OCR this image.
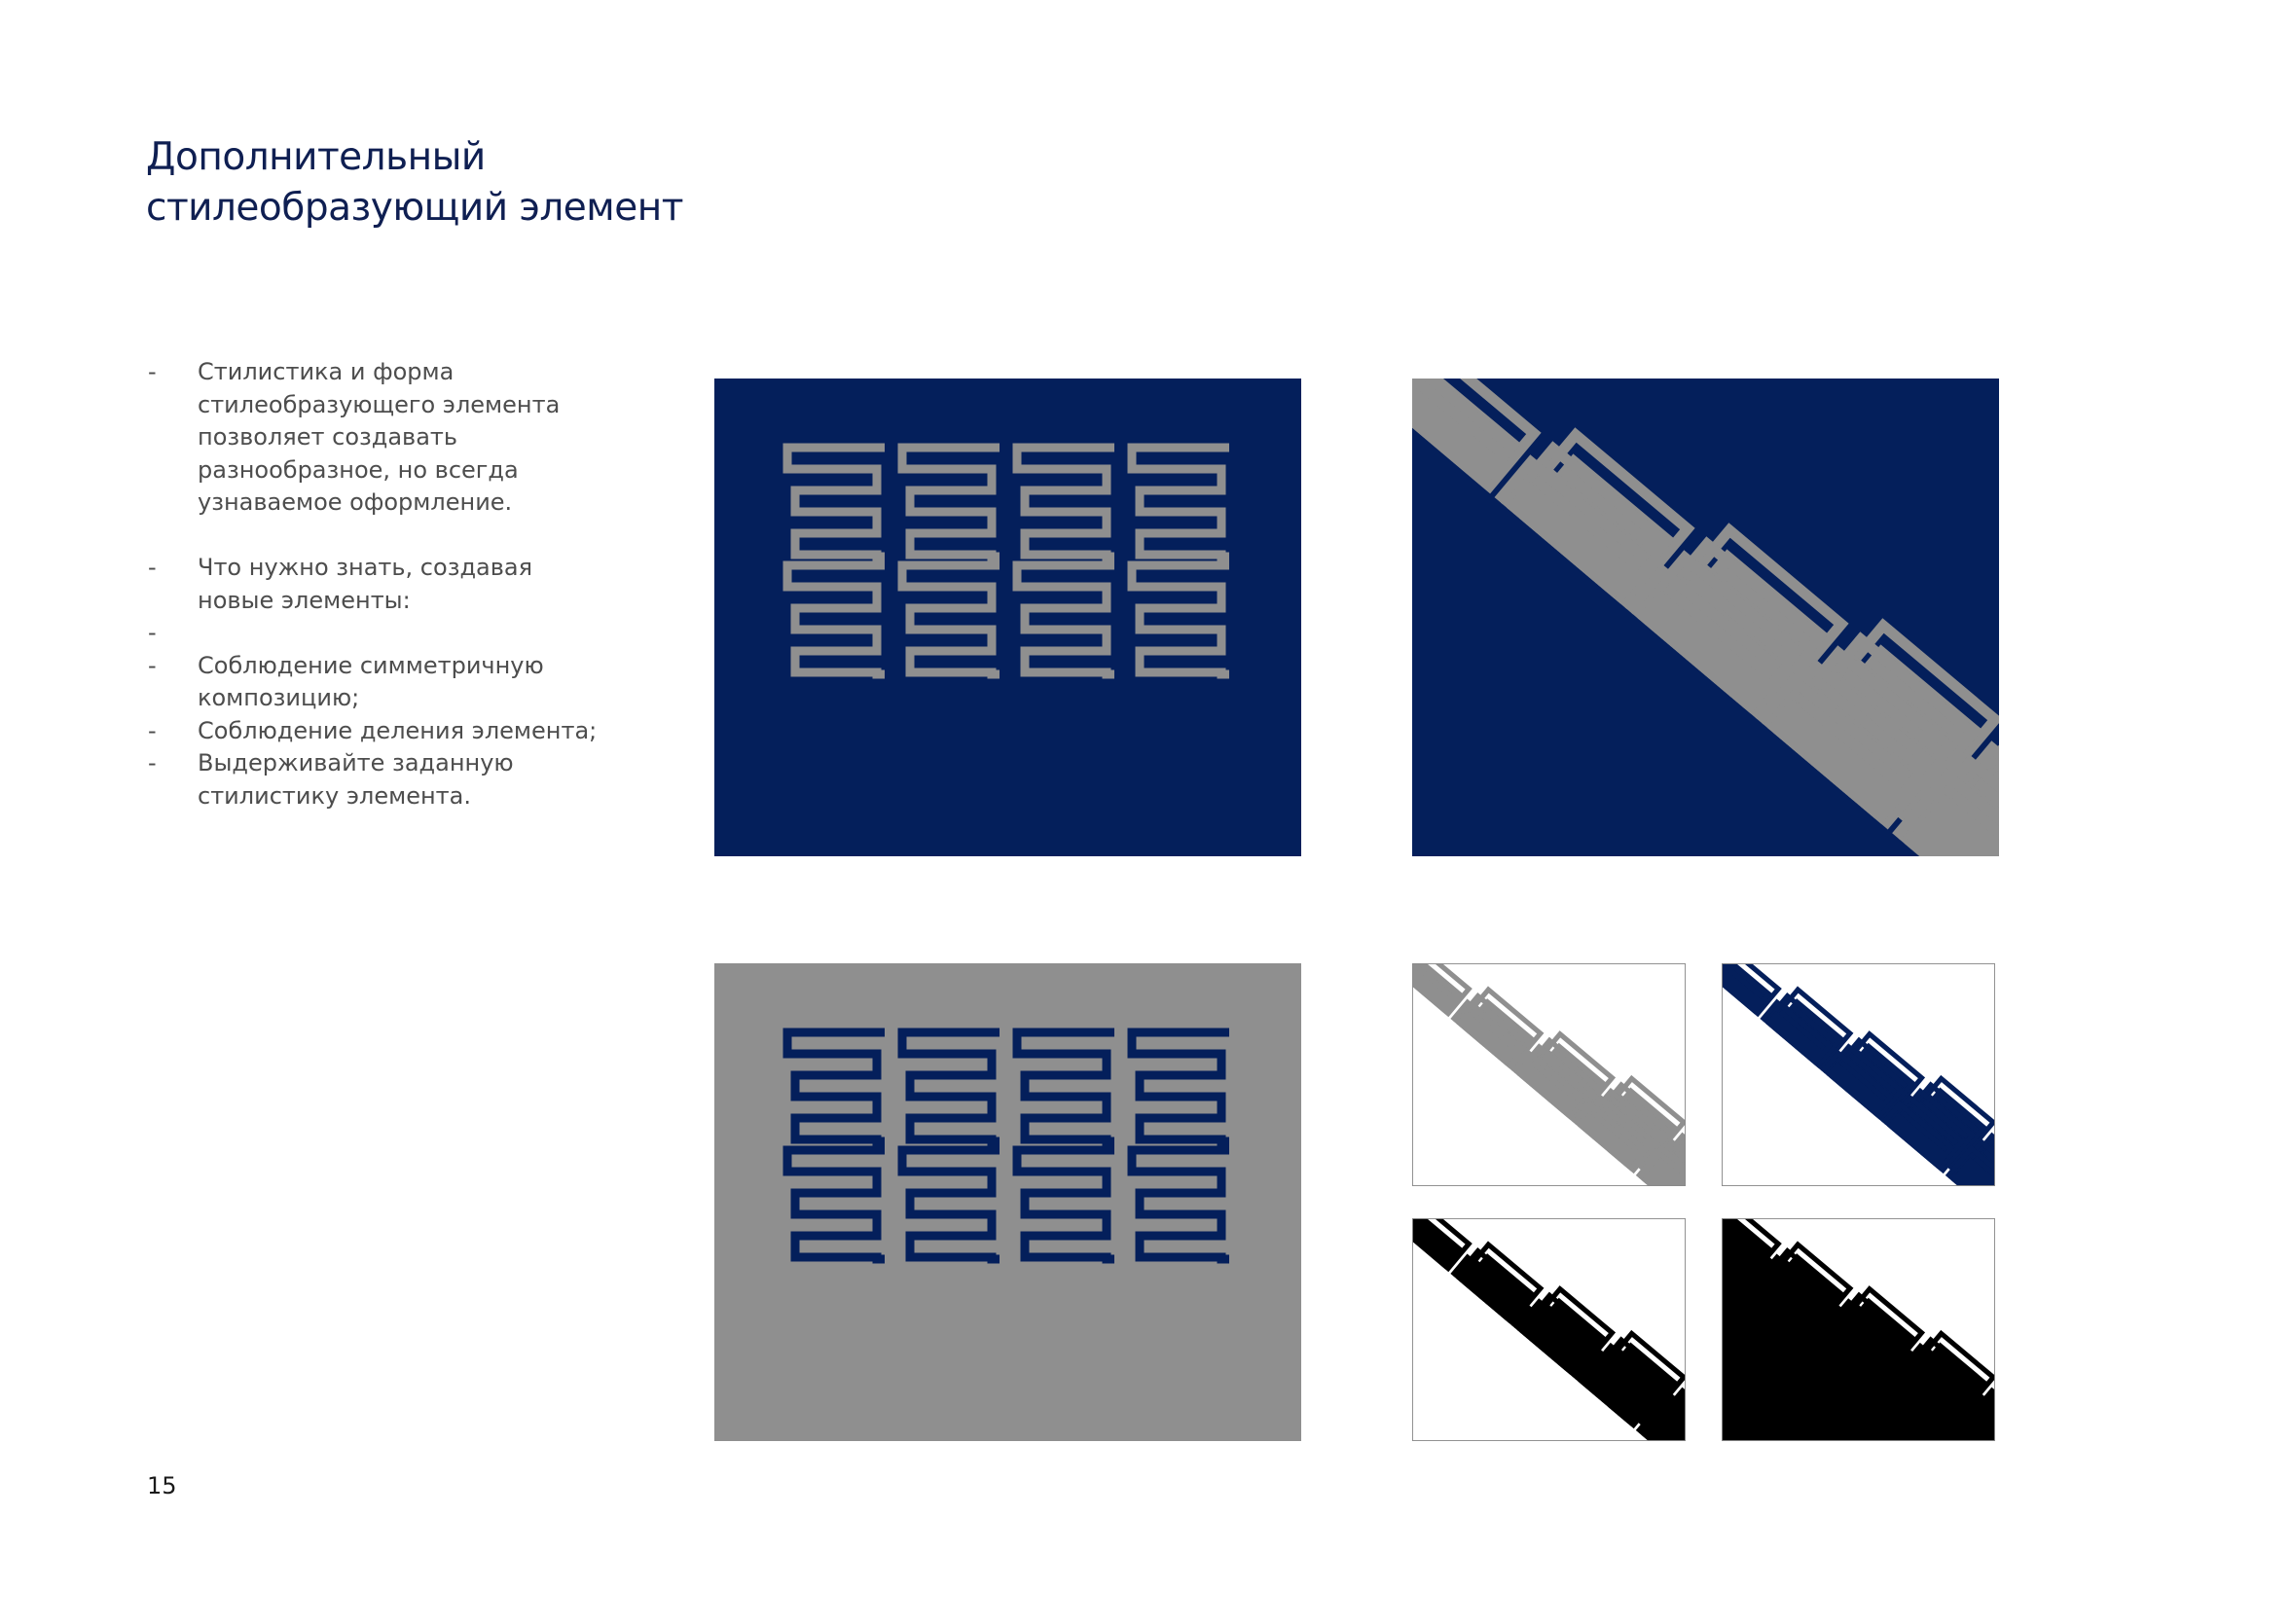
Дополнительный
стилеобразующий элемент
- Стилистика и форма
стилеобразующего элемента
позволяет создавать
разнообразное, но всегда
узнаваемое оформление.
- Что нужно знать, создавая
новые элементы:
-

- Соблюдение симметричную
композицию;
- Соблюдение деления элемента;
- Выдерживайте заданную
стилистику элемента.
15
